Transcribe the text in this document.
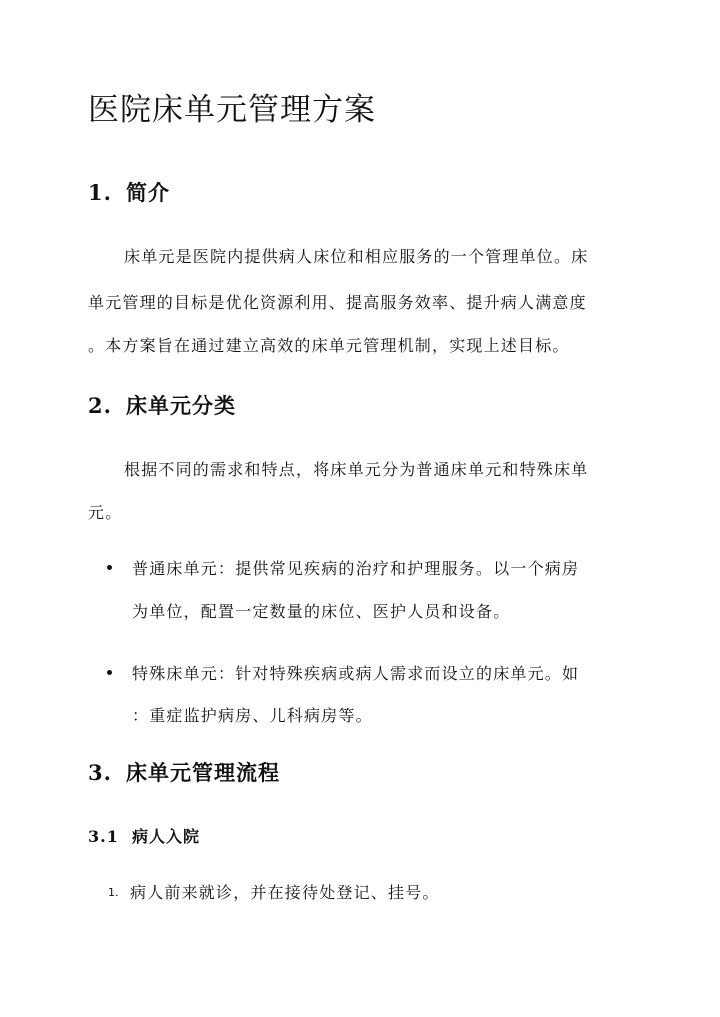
医院床单元管理方案
1. 简介

床单元是医院内提供病人床位和相应服务的一个管理单位。床

单元管理的目标是优化资源利用、提高服务效率、提升病人满意度

。本方案旨在通过建立高效的床单元管理机制，实现上述目标。

2. 床单元分类

根据不同的需求和特点，将床单元分为普通床单元和特殊床单

元。

普通床单元：提供常见疾病的治疗和护理服务。以一个病房

为单位，配置一定数量的床位、医护人员和设备。

特殊床单元：针对特殊疾病或病人需求而设立的床单元。如

：重症监护病房、儿科病房等。

3. 床单元管理流程
3.1 病人入院
1. 病人前来就诊，并在接待处登记、挂号。
